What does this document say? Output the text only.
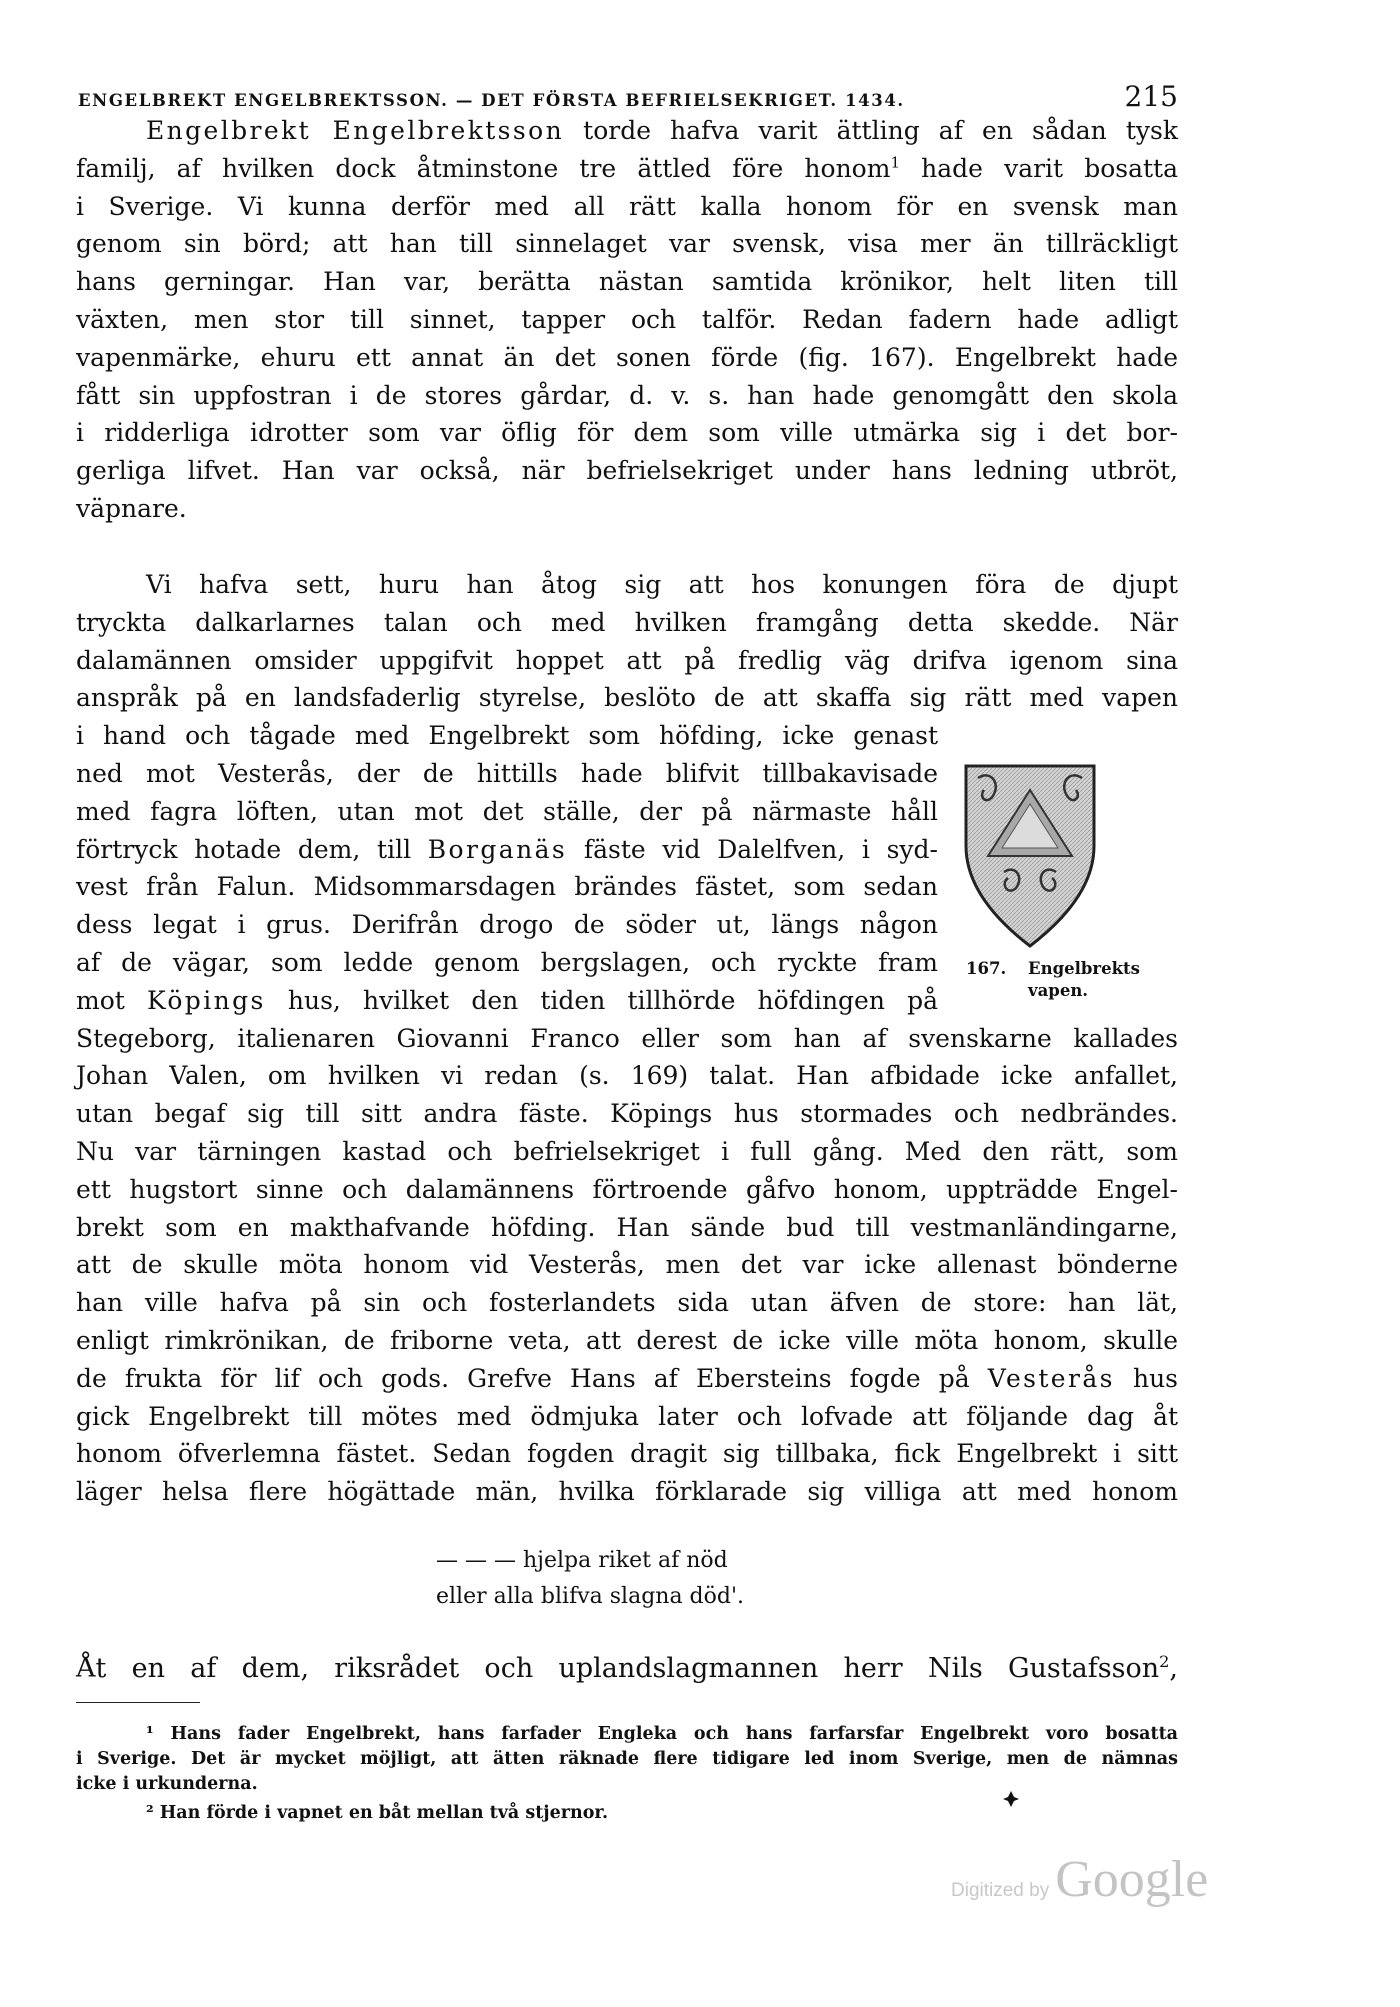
ENGELBREKT ENGELBREKTSSON. — DET FÖRSTA BEFRIELSEKRIGET. 1434.	215
Engelbrekt Engelbrektsson torde hafva varit ättling af en sådan tysk
familj, af hvilken dock åtminstone tre ättled före honom$^1$ hade varit bosatta
i Sverige. Vi kunna derför med all rätt kalla honom för en svensk man
genom sin börd; att han till sinnelaget var svensk, visa mer än tillräckligt
hans gerningar. Han var, berätta nästan samtida krönikor, helt liten till
växten, men stor till sinnet, tapper och talför. Redan fadern hade adligt
vapenmärke, ehuru ett annat än det sonen förde (fig. 167). Engelbrekt hade
fått sin uppfostran i de stores gårdar, d. v. s. han hade genomgått den skola
i ridderliga idrotter som var öflig för dem som ville utmärka sig i det bor-
gerliga lifvet. Han var också, när befrielsekriget under hans ledning utbröt,
väpnare.
Vi hafva sett, huru han åtog sig att hos konungen föra de djupt
tryckta dalkarlarnes talan och med hvilken framgång detta skedde. När
dalamännen omsider uppgifvit hoppet att på fredlig väg drifva igenom sina
anspråk på en landsfaderlig styrelse, beslöto de att skaffa sig rätt med vapen
i hand och tågade med Engelbrekt som höfding, icke genast
ned mot Vesterås, der de hittills hade blifvit tillbakavisade
med fagra löften, utan mot det ställe, der på närmaste håll
förtryck hotade dem, till Borganäs fäste vid Dalelfven, i syd-
vest från Falun. Midsommarsdagen brändes fästet, som sedan
dess legat i grus. Derifrån drogo de söder ut, längs någon
af de vägar, som ledde genom bergslagen, och ryckte fram
mot Köpings hus, hvilket den tiden tillhörde höfdingen på
Stegeborg, italienaren Giovanni Franco eller som han af svenskarne kallades
Johan Valen, om hvilken vi redan (s. 169) talat. Han afbidade icke anfallet,
utan begaf sig till sitt andra fäste. Köpings hus stormades och nedbrändes.
Nu var tärningen kastad och befrielsekriget i full gång. Med den rätt, som
ett hugstort sinne och dalamännens förtroende gåfvo honom, uppträdde Engel-
brekt som en makthafvande höfding. Han sände bud till vestmanländingarne,
att de skulle möta honom vid Vesterås, men det var icke allenast bönderne
han ville hafva på sin och fosterlandets sida utan äfven de store: han lät,
enligt rimkrönikan, de friborne veta, att derest de icke ville möta honom, skulle
de frukta för lif och gods. Grefve Hans af Ebersteins fogde på Vesterås hus
gick Engelbrekt till mötes med ödmjuka later och lofvade att följande dag åt
honom öfverlemna fästet. Sedan fogden dragit sig tillbaka, fick Engelbrekt i sitt
läger helsa flere högättade män, hvilka förklarade sig villiga att med honom
167. Engelbrekts
vapen.
— — — hjelpa riket af nöd
eller alla blifva slagna död'.
Åt en af dem, riksrådet och uplandslagmannen herr Nils Gustafsson$^2$,
¹ Hans fader Engelbrekt, hans farfader Engleka och hans farfarsfar Engelbrekt voro bosatta
i Sverige. Det är mycket möjligt, att ätten räknade flere tidigare led inom Sverige, men de nämnas
icke i urkunderna.
² Han förde i vapnet en båt mellan två stjernor.
Digitized by Google
